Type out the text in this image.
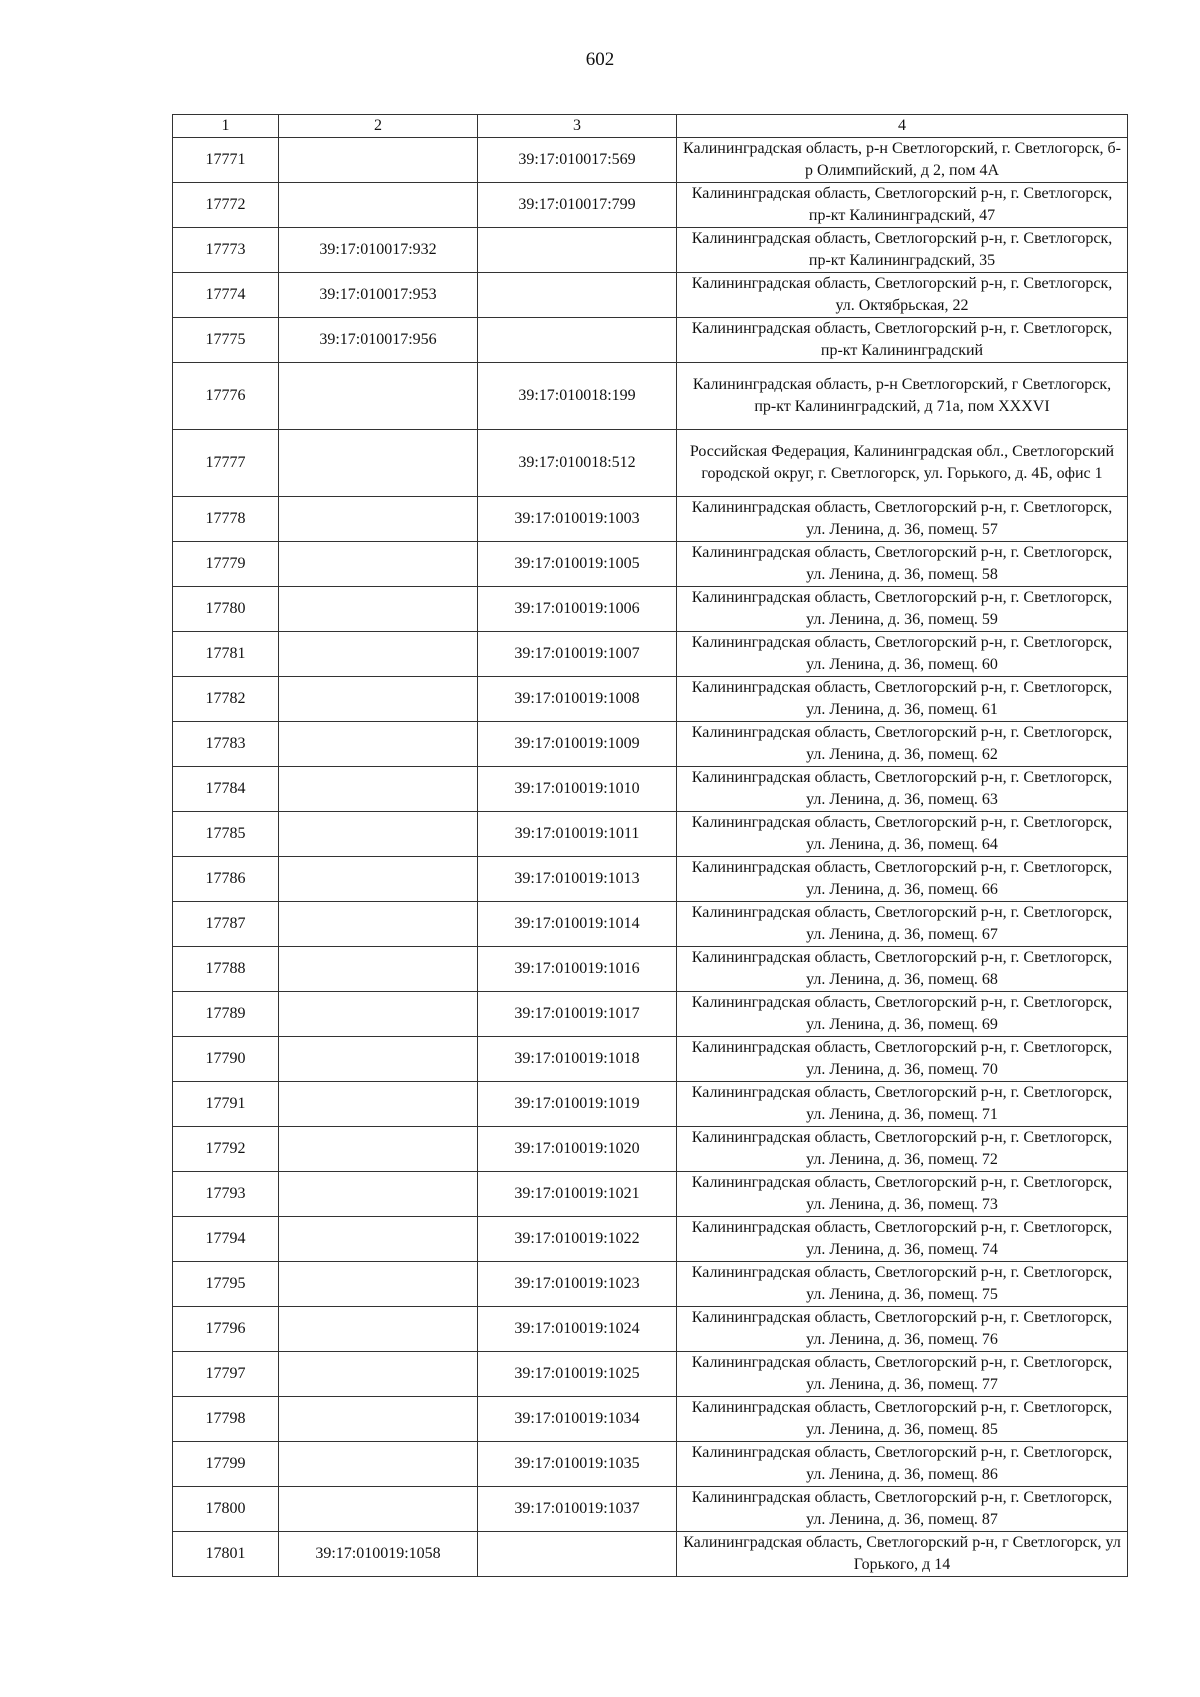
602
1	2	3	4
17771		39:17:010017:569	Калининградская область, р-н Светлогорский, г. Светлогорск, б-р Олимпийский, д 2, пом 4А
17772		39:17:010017:799	Калининградская область, Светлогорский р-н, г. Светлогорск, пр-кт Калининградский, 47
17773	39:17:010017:932		Калининградская область, Светлогорский р-н, г. Светлогорск, пр-кт Калининградский, 35
17774	39:17:010017:953		Калининградская область, Светлогорский р-н, г. Светлогорск, ул. Октябрьская, 22
17775	39:17:010017:956		Калининградская область, Светлогорский р-н, г. Светлогорск, пр-кт Калининградский
17776		39:17:010018:199	Калининградская область, р-н Светлогорский, г Светлогорск, пр-кт Калининградский, д 71а, пом XXXVI
17777		39:17:010018:512	Российская Федерация, Калининградская обл., Светлогорский городской округ, г. Светлогорск, ул. Горького, д. 4Б, офис 1
17778		39:17:010019:1003	Калининградская область, Светлогорский р-н, г. Светлогорск, ул. Ленина, д. 36, помещ. 57
17779		39:17:010019:1005	Калининградская область, Светлогорский р-н, г. Светлогорск, ул. Ленина, д. 36, помещ. 58
17780		39:17:010019:1006	Калининградская область, Светлогорский р-н, г. Светлогорск, ул. Ленина, д. 36, помещ. 59
17781		39:17:010019:1007	Калининградская область, Светлогорский р-н, г. Светлогорск, ул. Ленина, д. 36, помещ. 60
17782		39:17:010019:1008	Калининградская область, Светлогорский р-н, г. Светлогорск, ул. Ленина, д. 36, помещ. 61
17783		39:17:010019:1009	Калининградская область, Светлогорский р-н, г. Светлогорск, ул. Ленина, д. 36, помещ. 62
17784		39:17:010019:1010	Калининградская область, Светлогорский р-н, г. Светлогорск, ул. Ленина, д. 36, помещ. 63
17785		39:17:010019:1011	Калининградская область, Светлогорский р-н, г. Светлогорск, ул. Ленина, д. 36, помещ. 64
17786		39:17:010019:1013	Калининградская область, Светлогорский р-н, г. Светлогорск, ул. Ленина, д. 36, помещ. 66
17787		39:17:010019:1014	Калининградская область, Светлогорский р-н, г. Светлогорск, ул. Ленина, д. 36, помещ. 67
17788		39:17:010019:1016	Калининградская область, Светлогорский р-н, г. Светлогорск, ул. Ленина, д. 36, помещ. 68
17789		39:17:010019:1017	Калининградская область, Светлогорский р-н, г. Светлогорск, ул. Ленина, д. 36, помещ. 69
17790		39:17:010019:1018	Калининградская область, Светлогорский р-н, г. Светлогорск, ул. Ленина, д. 36, помещ. 70
17791		39:17:010019:1019	Калининградская область, Светлогорский р-н, г. Светлогорск, ул. Ленина, д. 36, помещ. 71
17792		39:17:010019:1020	Калининградская область, Светлогорский р-н, г. Светлогорск, ул. Ленина, д. 36, помещ. 72
17793		39:17:010019:1021	Калининградская область, Светлогорский р-н, г. Светлогорск, ул. Ленина, д. 36, помещ. 73
17794		39:17:010019:1022	Калининградская область, Светлогорский р-н, г. Светлогорск, ул. Ленина, д. 36, помещ. 74
17795		39:17:010019:1023	Калининградская область, Светлогорский р-н, г. Светлогорск, ул. Ленина, д. 36, помещ. 75
17796		39:17:010019:1024	Калининградская область, Светлогорский р-н, г. Светлогорск, ул. Ленина, д. 36, помещ. 76
17797		39:17:010019:1025	Калининградская область, Светлогорский р-н, г. Светлогорск, ул. Ленина, д. 36, помещ. 77
17798		39:17:010019:1034	Калининградская область, Светлогорский р-н, г. Светлогорск, ул. Ленина, д. 36, помещ. 85
17799		39:17:010019:1035	Калининградская область, Светлогорский р-н, г. Светлогорск, ул. Ленина, д. 36, помещ. 86
17800		39:17:010019:1037	Калининградская область, Светлогорский р-н, г. Светлогорск, ул. Ленина, д. 36, помещ. 87
17801	39:17:010019:1058		Калининградская область, Светлогорский р-н, г Светлогорск, ул Горького, д 14
